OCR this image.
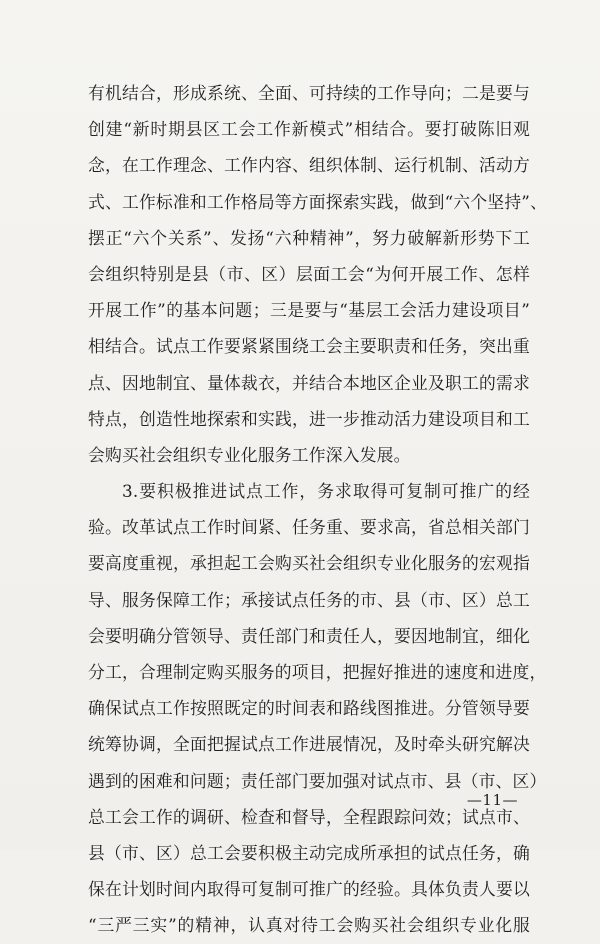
有机结合，形成系统、全面、可持续的工作导向；二是要与
创建“新时期县区工会工作新模式”相结合。要打破陈旧观
念，在工作理念、工作内容、组织体制、运行机制、活动方
式、工作标准和工作格局等方面探索实践，做到“六个坚持”、
摆正“六个关系”、发扬“六种精神”，努力破解新形势下工
会组织特别是县（市、区）层面工会“为何开展工作、怎样
开展工作”的基本问题；三是要与“基层工会活力建设项目”
相结合。试点工作要紧紧围绕工会主要职责和任务，突出重
点、因地制宜、量体裁衣，并结合本地区企业及职工的需求
特点，创造性地探索和实践，进一步推动活力建设项目和工
会购买社会组织专业化服务工作深入发展。
3.要积极推进试点工作，务求取得可复制可推广的经
验。改革试点工作时间紧、任务重、要求高，省总相关部门
要高度重视，承担起工会购买社会组织专业化服务的宏观指
导、服务保障工作；承接试点任务的市、县（市、区）总工
会要明确分管领导、责任部门和责任人，要因地制宜，细化
分工，合理制定购买服务的项目，把握好推进的速度和进度，
确保试点工作按照既定的时间表和路线图推进。分管领导要
统筹协调，全面把握试点工作进展情况，及时牵头研究解决
遇到的困难和问题；责任部门要加强对试点市、县（市、区）
总工会工作的调研、检查和督导，全程跟踪问效；试点市、
县（市、区）总工会要积极主动完成所承担的试点任务，确
保在计划时间内取得可复制可推广的经验。具体负责人要以
“三严三实”的精神，认真对待工会购买社会组织专业化服
—11—
